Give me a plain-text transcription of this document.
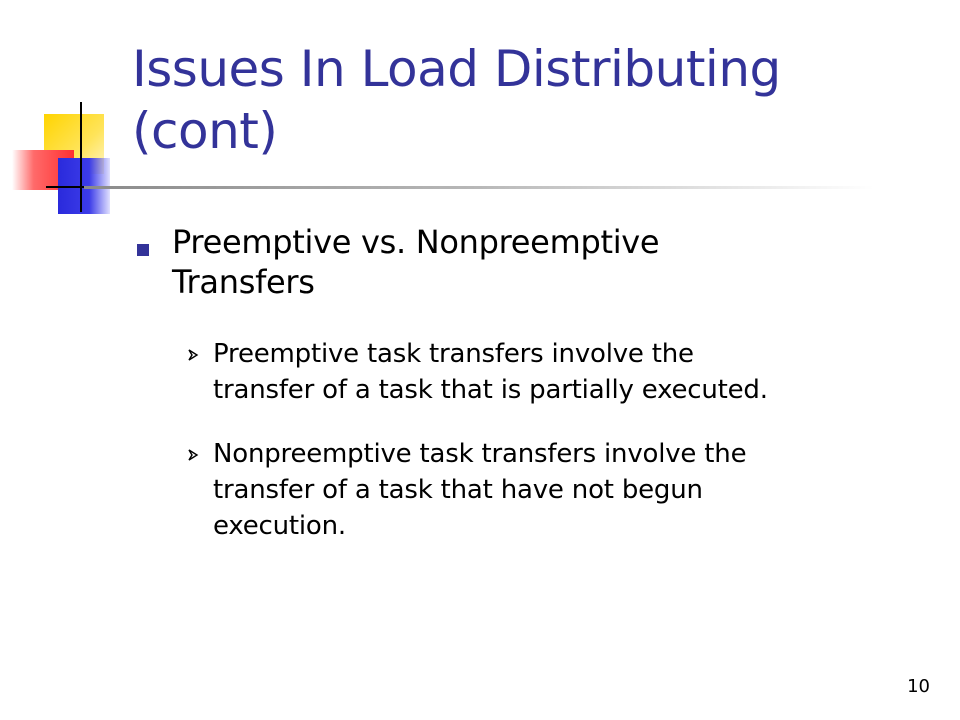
Issues In Load Distributing
(cont)
Preemptive vs. Nonpreemptive
Transfers
Preemptive task transfers involve the
transfer of a task that is partially executed.
Nonpreemptive task transfers involve the
transfer of a task that have not begun
execution.
10
